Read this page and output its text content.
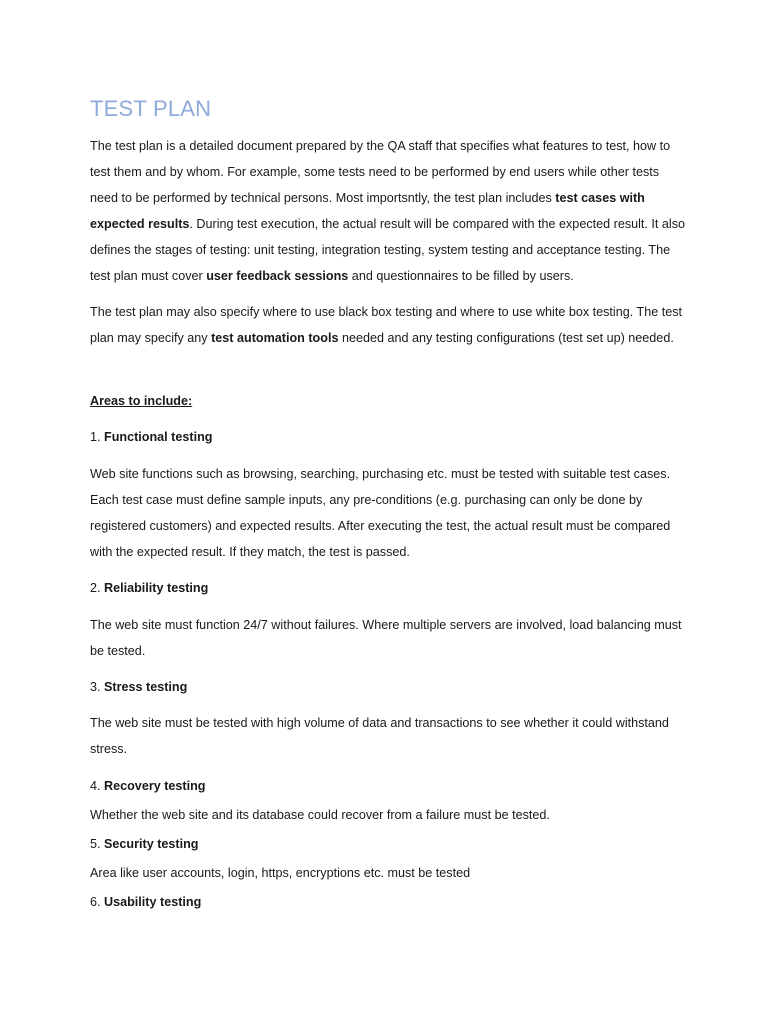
TEST PLAN

The test plan is a detailed document prepared by the QA staff that specifies what features to test, how to test them and by whom. For example, some tests need to be performed by end users while other tests need to be performed by technical persons. Most importsntly, the test plan includes test cases with expected results. During test execution, the actual result will be compared with the expected result. It also defines the stages of testing: unit testing, integration testing, system testing and acceptance testing. The test plan must cover user feedback sessions and questionnaires to be filled by users.

The test plan may also specify where to use black box testing and where to use white box testing. The test plan may specify any test automation tools needed and any testing configurations (test set up) needed.

Areas to include:

1. Functional testing

Web site functions such as browsing, searching, purchasing etc. must be tested with suitable test cases. Each test case must define sample inputs, any pre-conditions (e.g. purchasing can only be done by registered customers) and expected results. After executing the test, the actual result must be compared with the expected result. If they match, the test is passed.

2. Reliability testing

The web site must function 24/7 without failures. Where multiple servers are involved, load balancing must be tested.

3. Stress testing

The web site must be tested with high volume of data and transactions to see whether it could withstand stress.

4. Recovery testing

Whether the web site and its database could recover from a failure must be tested.

5. Security testing

Area like user accounts, login, https, encryptions etc. must be tested

6. Usability testing
